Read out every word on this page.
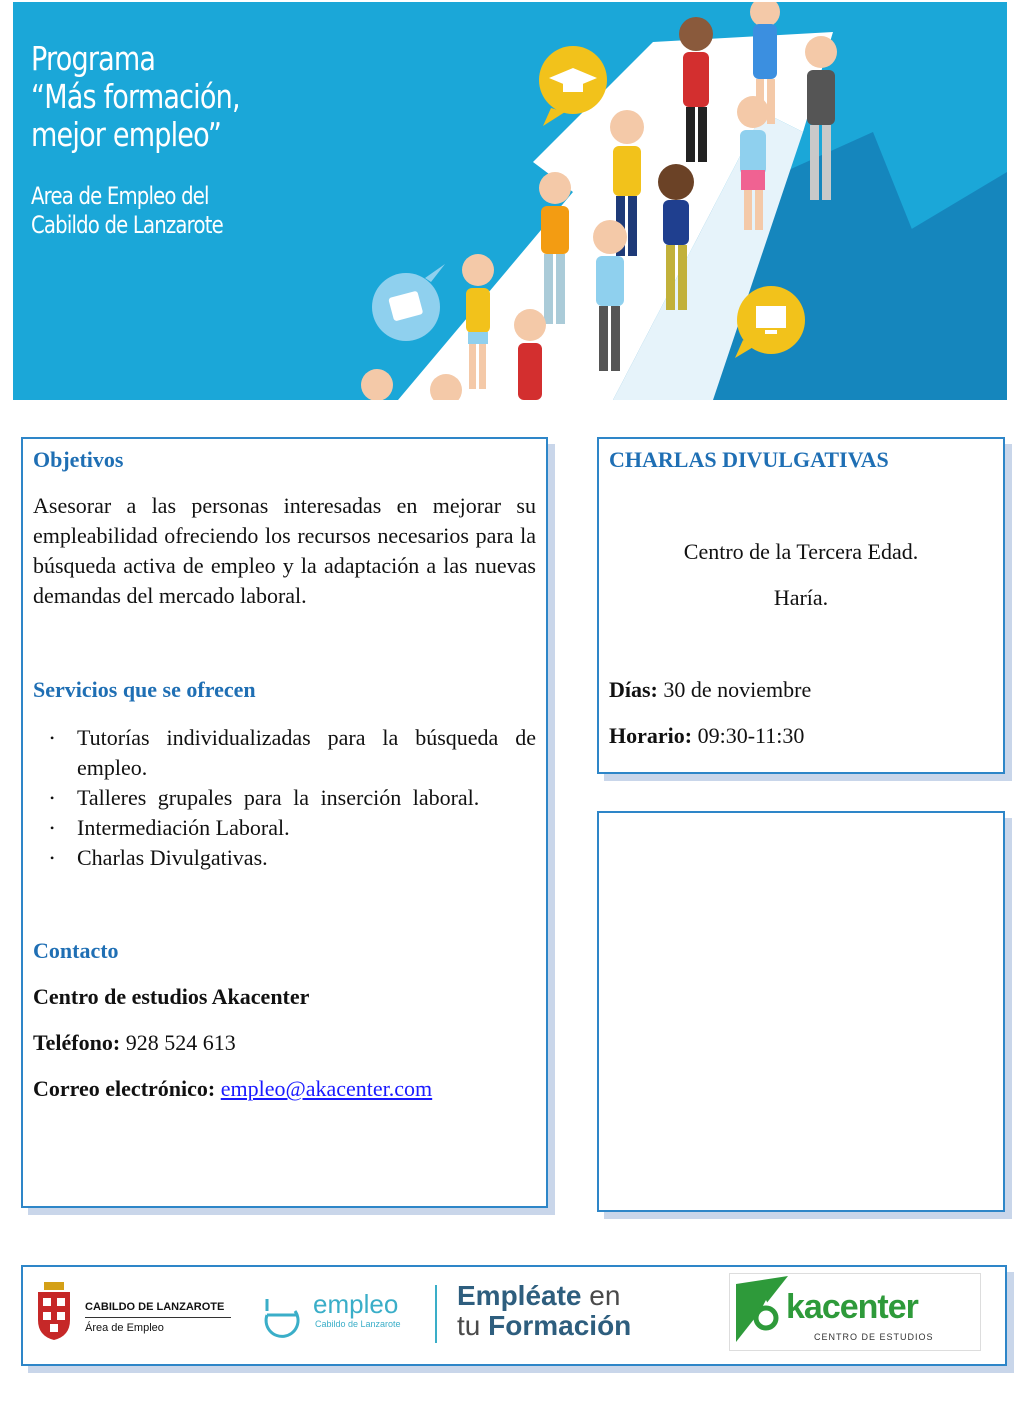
Programa
“Más formación,
mejor empleo”
Area de Empleo del
Cabildo de Lanzarote
Objetivos
Asesorar a las personas interesadas en mejorar su empleabilidad ofreciendo los recursos necesarios para la búsqueda activa de empleo y la adaptación a las nuevas demandas del mercado laboral.
Servicios que se ofrecen
• Tutorías individualizadas para la búsqueda de empleo.
• Talleres grupales para la inserción laboral.
• Intermediación Laboral.
• Charlas Divulgativas.
Contacto
Centro de estudios Akacenter
Teléfono: 928 524 613
Correo electrónico: empleo@akacenter.com
CHARLAS DIVULGATIVAS
Centro de la Tercera Edad.
Haría.
Días: 30 de noviembre
Horario: 09:30-11:30
CABILDO DE LANZAROTE
Área de Empleo
empleo
Cabildo de Lanzarote
Empléate en
tu Formación	kacenter
CENTRO DE ESTUDIOS
